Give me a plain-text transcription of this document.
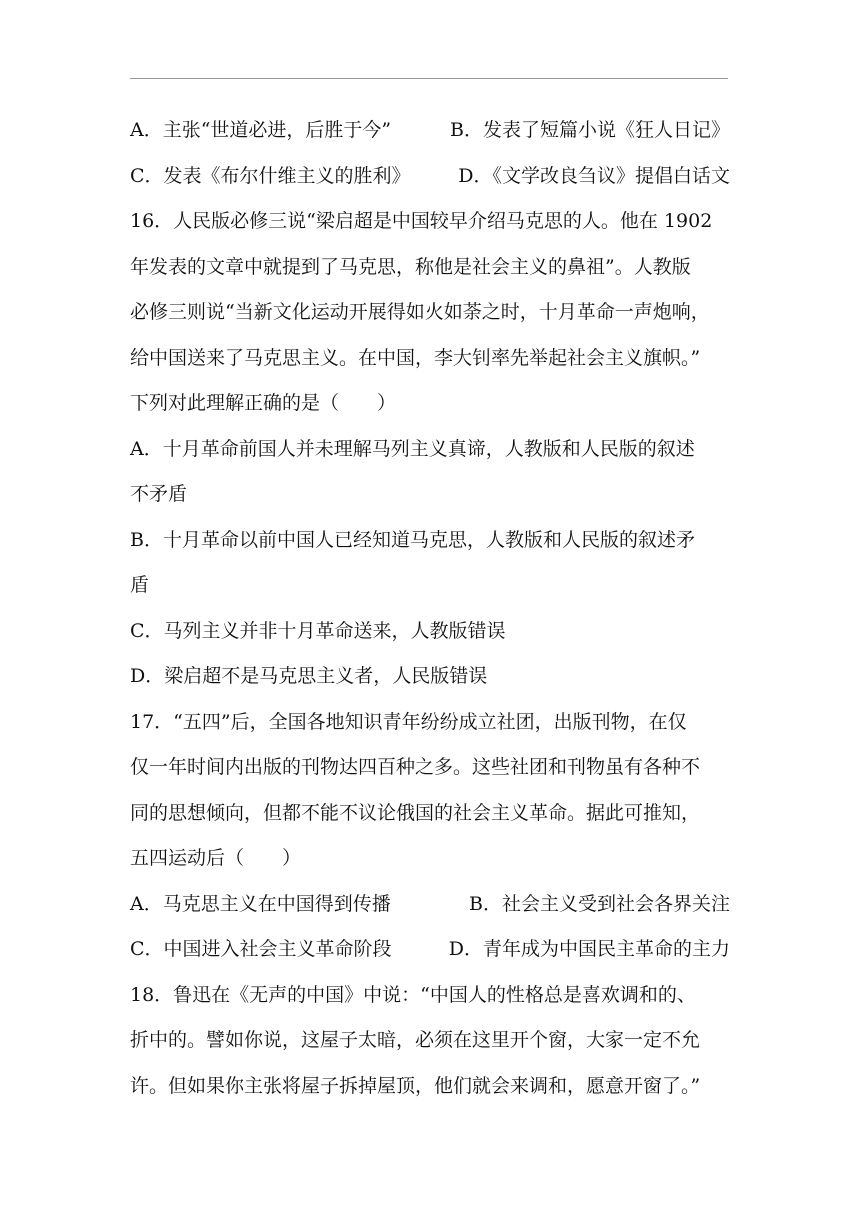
A．主张“世道必进，后胜于今”	B．发表了短篇小说《狂人日记》
C．发表《布尔什维主义的胜利》	D．《文学改良刍议》提倡白话文
16．人民版必修三说“梁启超是中国较早介绍马克思的人。他在 1902
年发表的文章中就提到了马克思，称他是社会主义的鼻祖”。人教版
必修三则说“当新文化运动开展得如火如荼之时，十月革命一声炮响，
给中国送来了马克思主义。在中国，李大钊率先举起社会主义旗帜。”
下列对此理解正确的是（　　）
A．十月革命前国人并未理解马列主义真谛，人教版和人民版的叙述
不矛盾
B．十月革命以前中国人已经知道马克思，人教版和人民版的叙述矛
盾
C．马列主义并非十月革命送来，人教版错误
D．梁启超不是马克思主义者，人民版错误
17．“五四”后，全国各地知识青年纷纷成立社团，出版刊物，在仅
仅一年时间内出版的刊物达四百种之多。这些社团和刊物虽有各种不
同的思想倾向，但都不能不议论俄国的社会主义革命。据此可推知，
五四运动后（　　）
A．马克思主义在中国得到传播	B．社会主义受到社会各界关注
C．中国进入社会主义革命阶段	D．青年成为中国民主革命的主力
18．鲁迅在《无声的中国》中说：“中国人的性格总是喜欢调和的、
折中的。譬如你说，这屋子太暗，必须在这里开个窗，大家一定不允
许。但如果你主张将屋子拆掉屋顶，他们就会来调和，愿意开窗了。”
